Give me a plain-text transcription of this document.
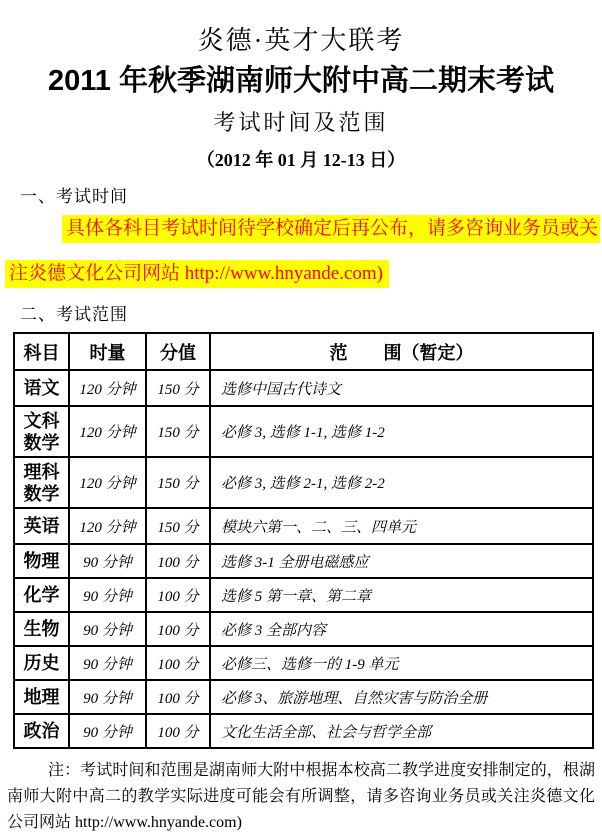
炎德·英才大联考
2011 年秋季湖南师大附中高二期末考试
考试时间及范围
（2012 年 01 月 12-13 日）
一、考试时间
具体各科目考试时间待学校确定后再公布，请多咨询业务员或关
注炎德文化公司网站 http://www.hnyande.com)
二、考试范围
科目	时量	分值	范　　围（暂定）
语文	120 分钟	150 分	选修中国古代诗文
文科数学	120 分钟	150 分	必修 3, 选修 1-1, 选修 1-2
理科数学	120 分钟	150 分	必修 3, 选修 2-1, 选修 2-2
英语	120 分钟	150 分	模块六第一、二、三、四单元
物理	90 分钟	100 分	选修 3-1 全册电磁感应
化学	90 分钟	100 分	选修 5 第一章、第二章
生物	90 分钟	100 分	必修 3 全部内容
历史	90 分钟	100 分	必修三、选修一的 1-9 单元
地理	90 分钟	100 分	必修 3、旅游地理、自然灾害与防治全册
政治	90 分钟	100 分	文化生活全部、社会与哲学全部

注：考试时间和范围是湖南师大附中根据本校高二教学进度安排制定的，根湖南师大附中高二的教学实际进度可能会有所调整，请多咨询业务员或关注炎德文化公司网站 http://www.hnyande.com)
